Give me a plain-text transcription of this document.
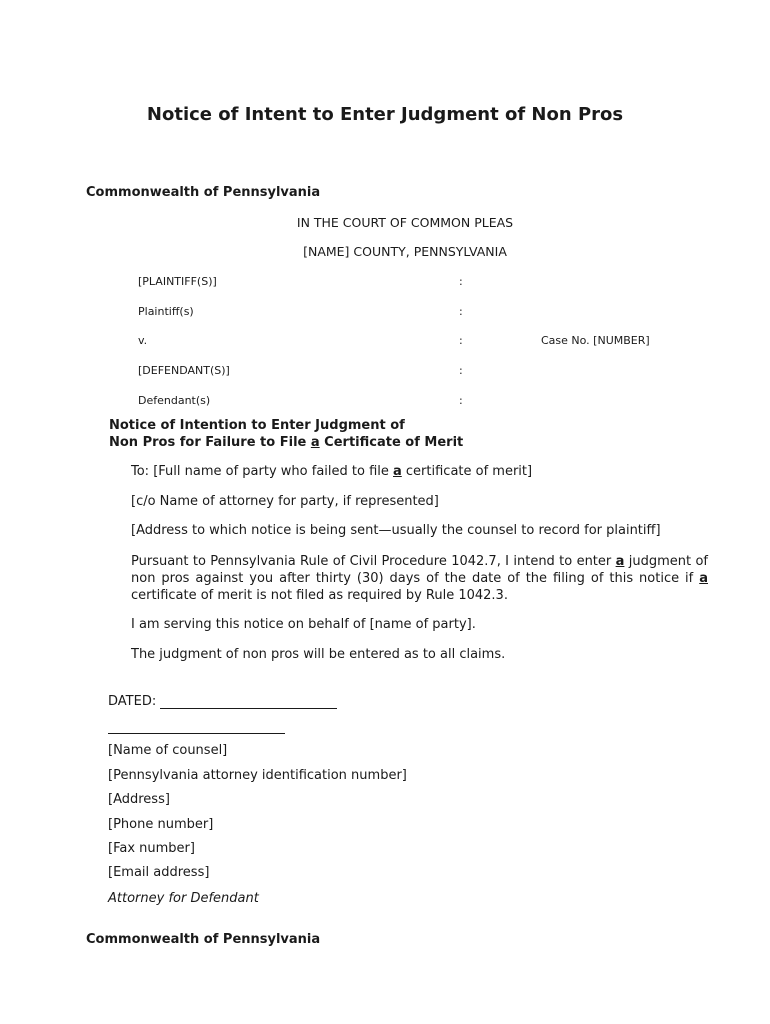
Notice of Intent to Enter Judgment of Non Pros

Commonwealth of Pennsylvania

IN THE COURT OF COMMON PLEAS

[NAME] COUNTY, PENNSYLVANIA

[PLAINTIFF(S)]	:

Plaintiff(s)	:

v.	:	Case No. [NUMBER]

[DEFENDANT(S)]	:

Defendant(s)	:

Notice of Intention to Enter Judgment of
Non Pros for Failure to File a Certificate of Merit

To: [Full name of party who failed to file a certificate of merit]

[c/o Name of attorney for party, if represented]

[Address to which notice is being sent—usually the counsel to record for plaintiff]

Pursuant to Pennsylvania Rule of Civil Procedure 1042.7, I intend to enter a judgment of non pros against you after thirty (30) days of the date of the filing of this notice if a certificate of merit is not filed as required by Rule 1042.3.

I am serving this notice on behalf of [name of party].

The judgment of non pros will be entered as to all claims.

DATED:

[Name of counsel]

[Pennsylvania attorney identification number]

[Address]

[Phone number]

[Fax number]

[Email address]

Attorney for Defendant

Commonwealth of Pennsylvania
